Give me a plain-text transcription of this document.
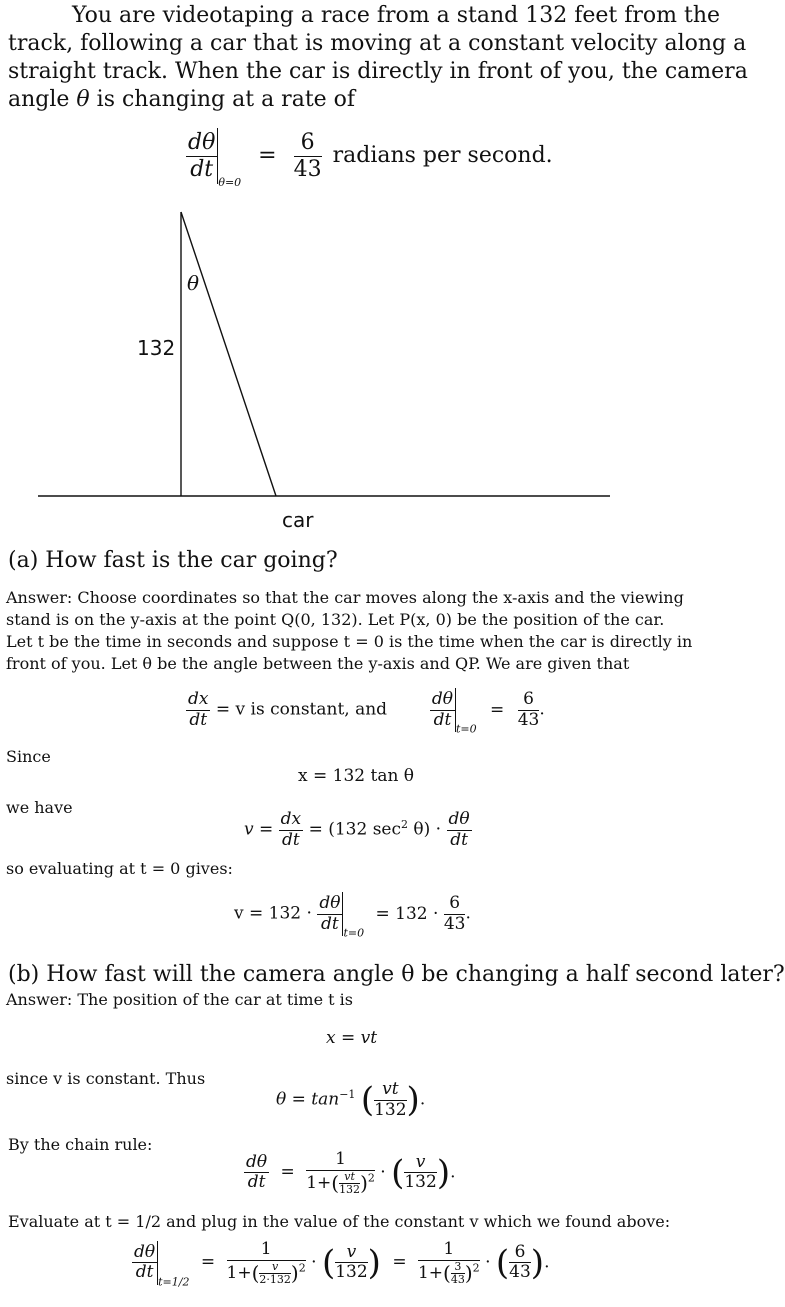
You are videotaping a race from a stand 132 feet from the
track, following a car that is moving at a constant velocity along a
straight track. When the car is directly in front of you, the camera
angle θ is changing at a rate of
$\frac{d\theta}{dt}$
$_{\theta=0} = \frac{6}{43}$ radians per second.
θ
132
car
(a) How fast is the car going?
Answer: Choose coordinates so that the car moves along the x-axis and the viewing
stand is on the y-axis at the point Q(0, 132). Let P(x, 0) be the position of the car.
Let t be the time in seconds and suppose t = 0 is the time when the car is directly in
front of you. Let θ be the angle between the y-axis and QP. We are given that
$\frac{dx}{dt} = v$ is constant, and	$\frac{d\theta}{dt} _{t=0} = \frac{6}{43}$ .
Since
x = 132 tan θ
we have
$v = \frac{dx}{dt} = (132$ $\sec^2 \theta) \cdot \frac{d\theta}{dt}$
so evaluating at t = 0 gives:
$v = 132 \cdot \frac{d\theta}{dt} _{t=0} = 132 \cdot \frac{6}{43}$ .
(b) How fast will the camera angle θ be changing a half second later?
Answer: The position of the car at time t is
x = vt
since v is constant. Thus
$\theta = \tan^{-1}$ ( $\frac{vt}{132}$ ).
By the chain rule:
$\frac{d\theta}{dt} = \frac{1}{1+( \frac{vt}{132} )^2}$ · ( $\frac{v}{132}$ ).
Evaluate at t = 1/2 and plug in the value of the constant v which we found above:
$\frac{d\theta}{dt} _{t=1/2} = \frac{1}{1+( \frac{v}{2\cdot 132} )^2}$ · ( $\frac{v}{132}$ ) = $\frac{1}{1+( \frac{3}{43} )^2}$ · ( $\frac{6}{43}$ ).
